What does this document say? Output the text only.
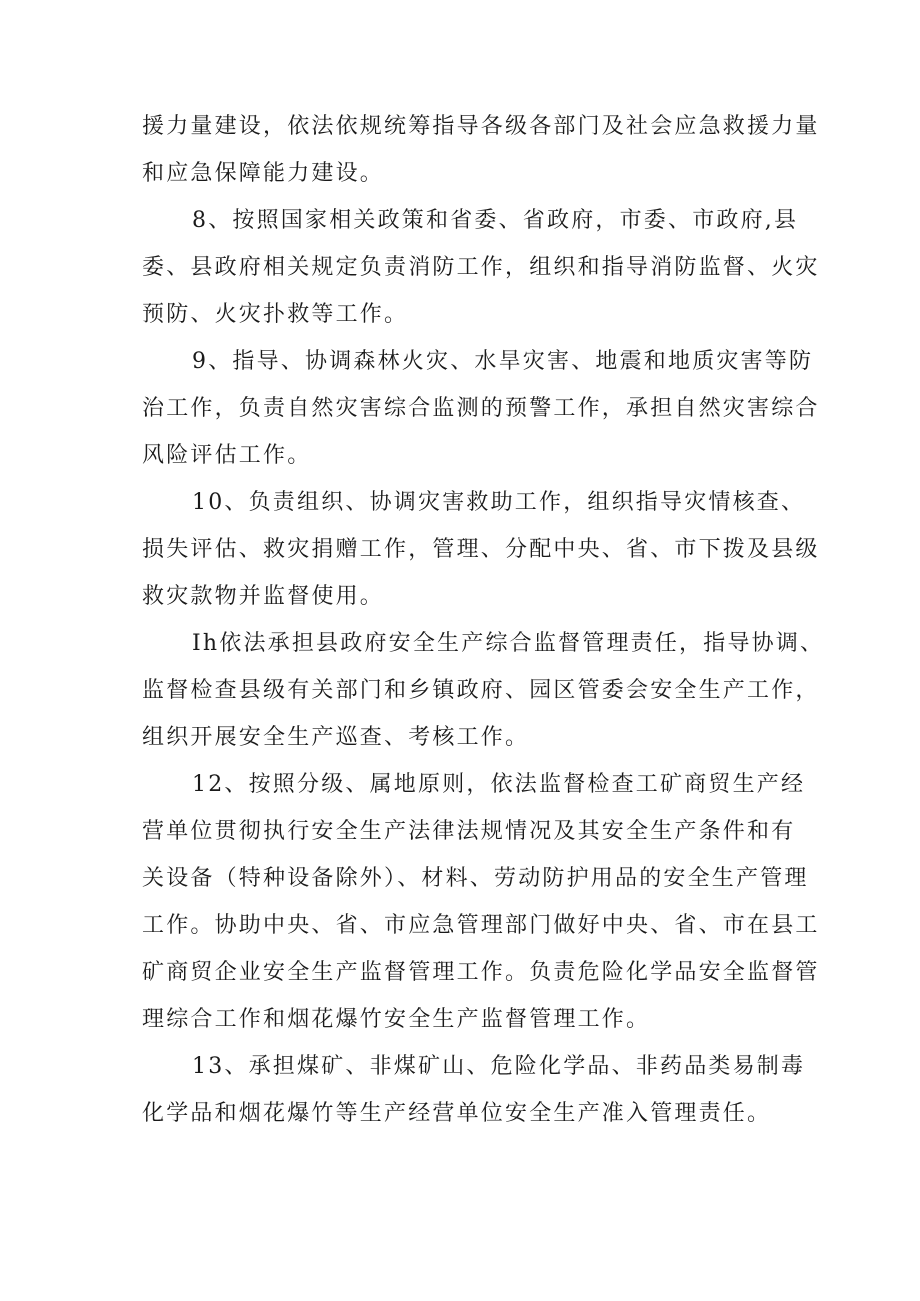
援力量建设，依法依规统筹指导各级各部门及社会应急救援力量
和应急保障能力建设。
8、按照国家相关政策和省委、省政府，市委、市政府,县
委、县政府相关规定负责消防工作，组织和指导消防监督、火灾
预防、火灾扑救等工作。
9、指导、协调森林火灾、水旱灾害、地震和地质灾害等防
治工作，负责自然灾害综合监测的预警工作，承担自然灾害综合
风险评估工作。
10、负责组织、协调灾害救助工作，组织指导灾情核查、
损失评估、救灾捐赠工作，管理、分配中央、省、市下拨及县级
救灾款物并监督使用。
Ih依法承担县政府安全生产综合监督管理责任，指导协调、
监督检查县级有关部门和乡镇政府、园区管委会安全生产工作，
组织开展安全生产巡查、考核工作。
12、按照分级、属地原则，依法监督检查工矿商贸生产经
营单位贯彻执行安全生产法律法规情况及其安全生产条件和有
关设备（特种设备除外）、材料、劳动防护用品的安全生产管理
工作。协助中央、省、市应急管理部门做好中央、省、市在县工
矿商贸企业安全生产监督管理工作。负责危险化学品安全监督管
理综合工作和烟花爆竹安全生产监督管理工作。
13、承担煤矿、非煤矿山、危险化学品、非药品类易制毒
化学品和烟花爆竹等生产经营单位安全生产准入管理责任。
